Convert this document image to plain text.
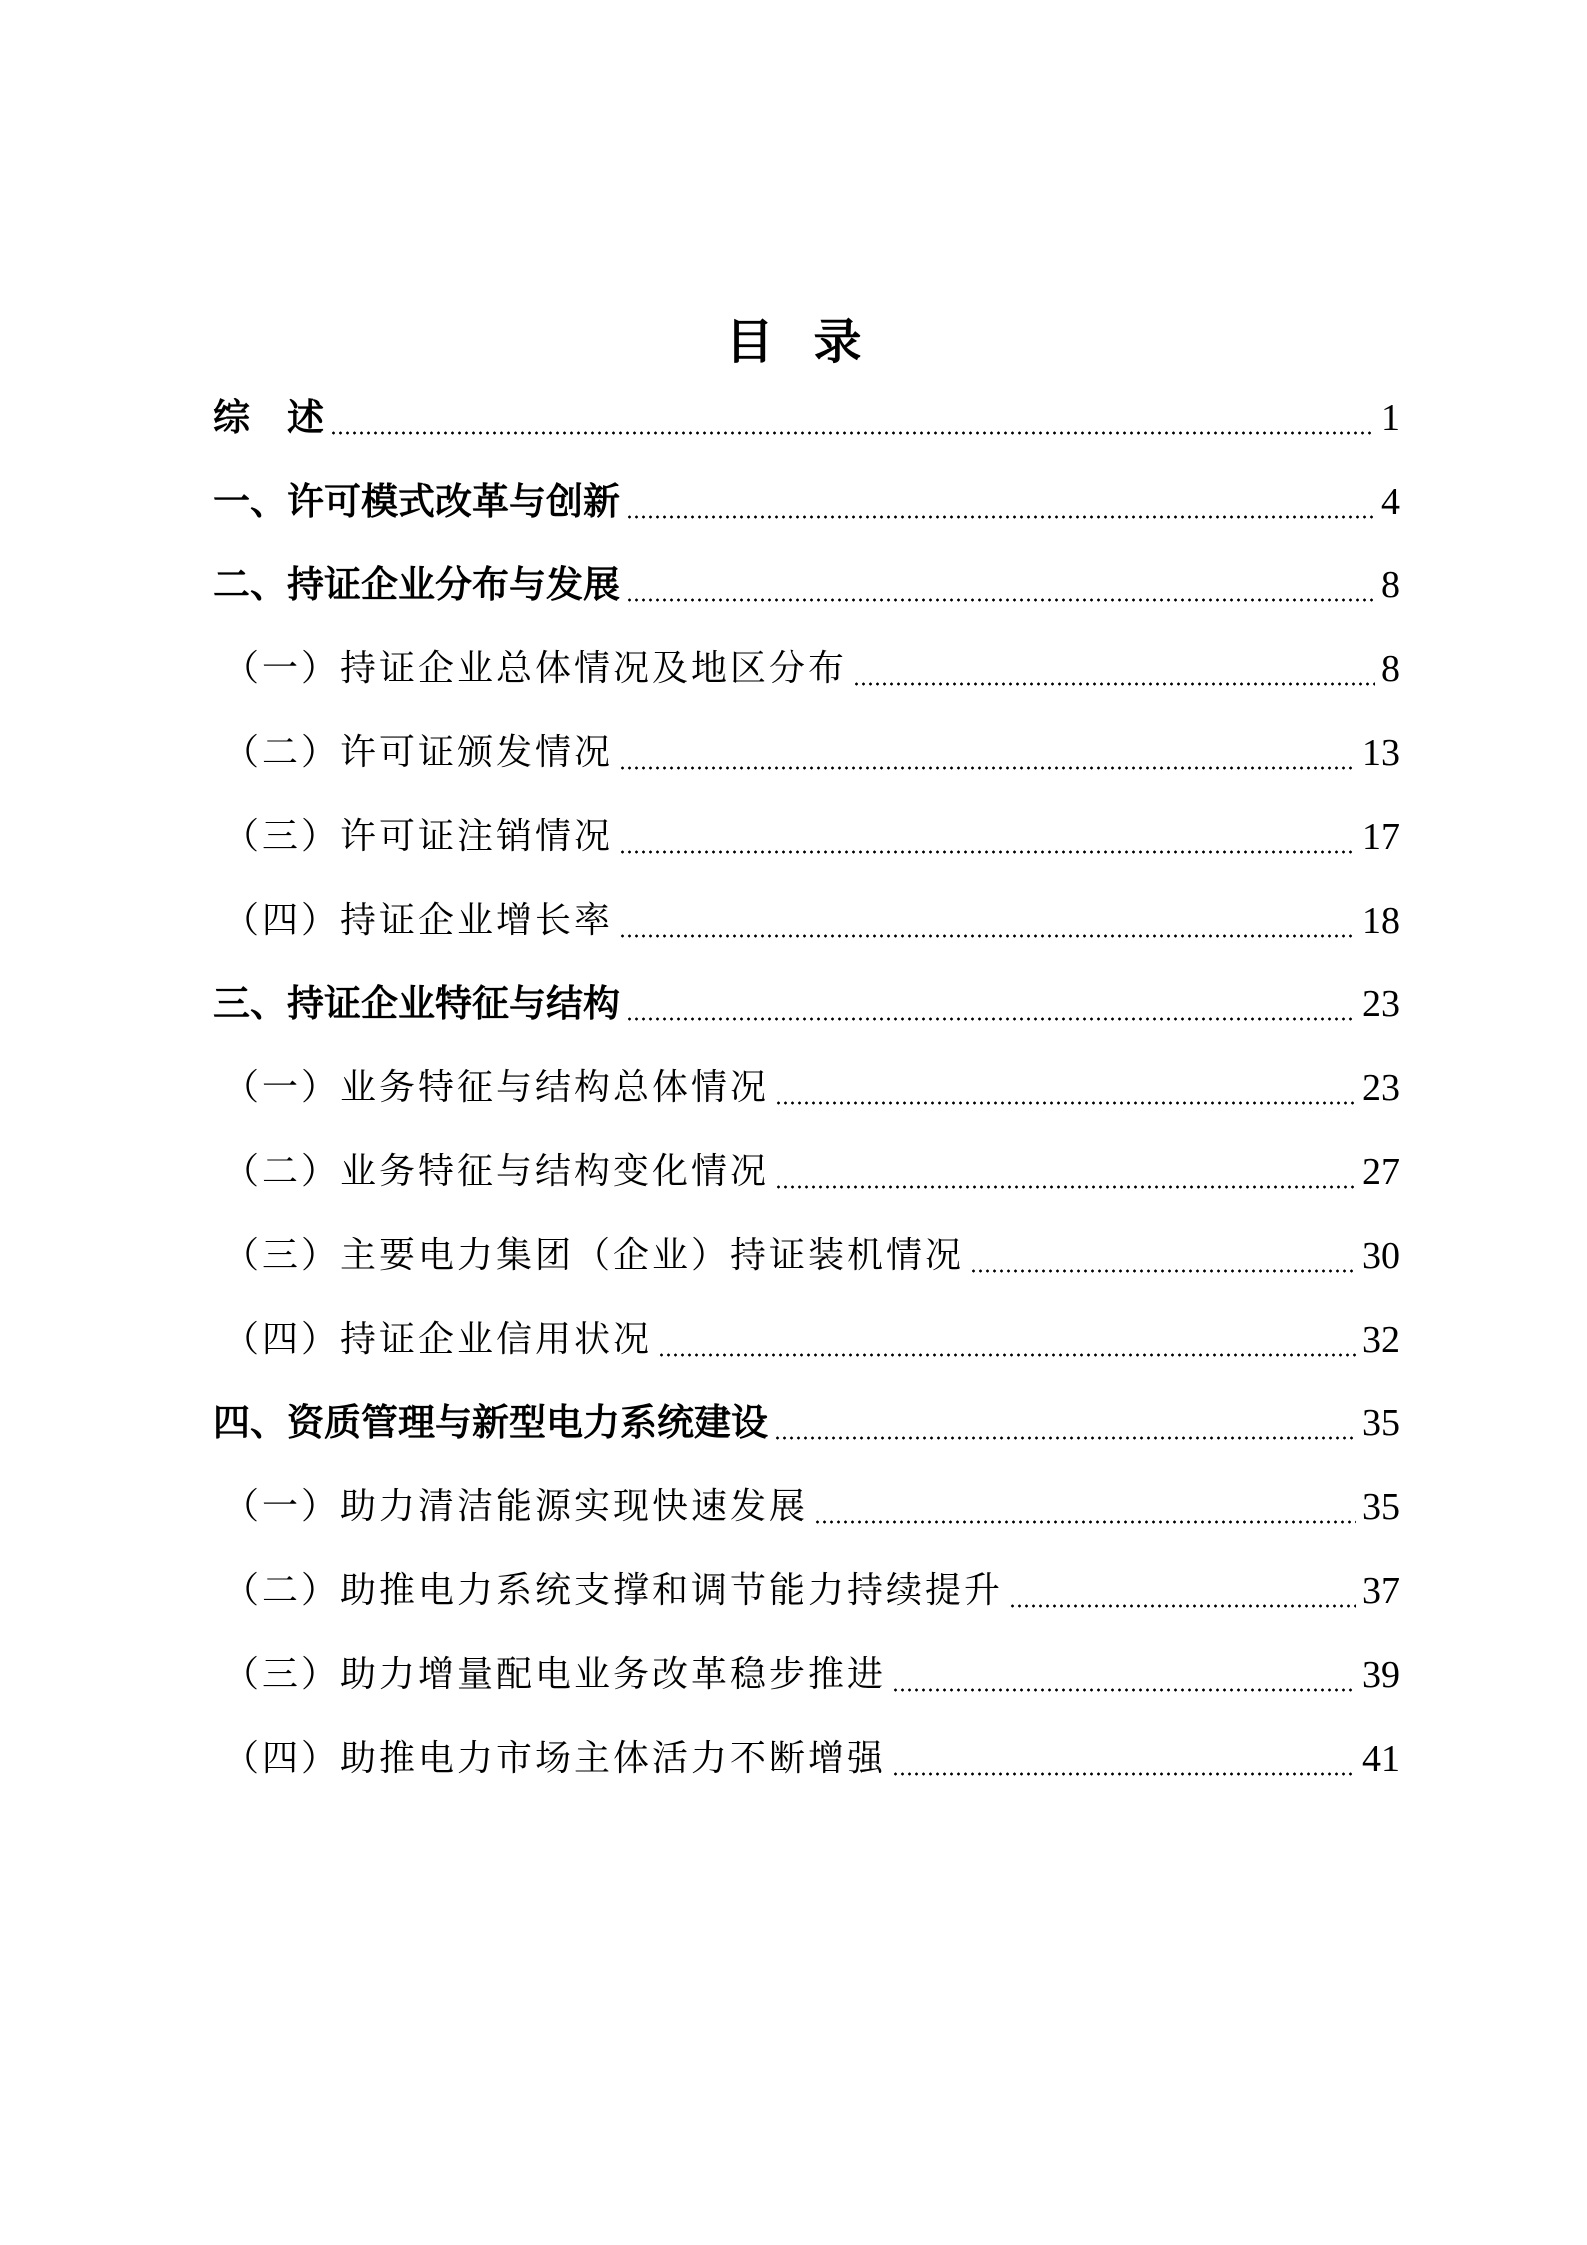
目录
综　述	1
一、许可模式改革与创新	4
二、持证企业分布与发展	8
（一）持证企业总体情况及地区分布	8
（二）许可证颁发情况	13
（三）许可证注销情况	17
（四）持证企业增长率	18
三、持证企业特征与结构	23
（一）业务特征与结构总体情况	23
（二）业务特征与结构变化情况	27
（三）主要电力集团（企业）持证装机情况	30
（四）持证企业信用状况	32
四、资质管理与新型电力系统建设	35
（一）助力清洁能源实现快速发展	35
（二）助推电力系统支撑和调节能力持续提升	37
（三）助力增量配电业务改革稳步推进	39
（四）助推电力市场主体活力不断增强	41
